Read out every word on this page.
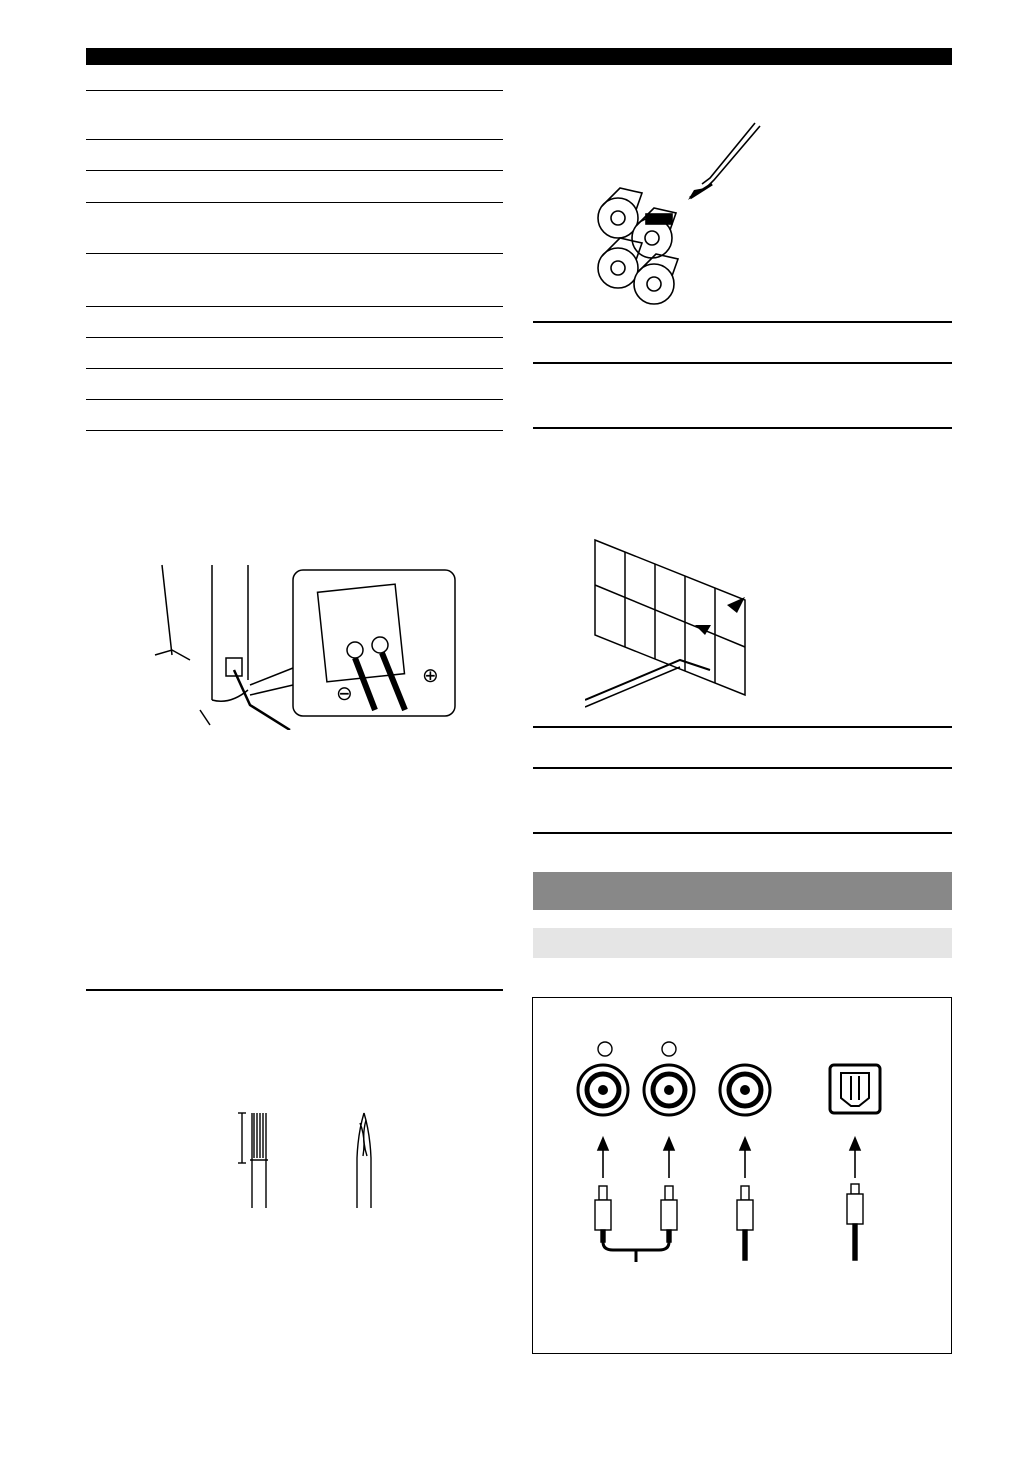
⊖
⊕
